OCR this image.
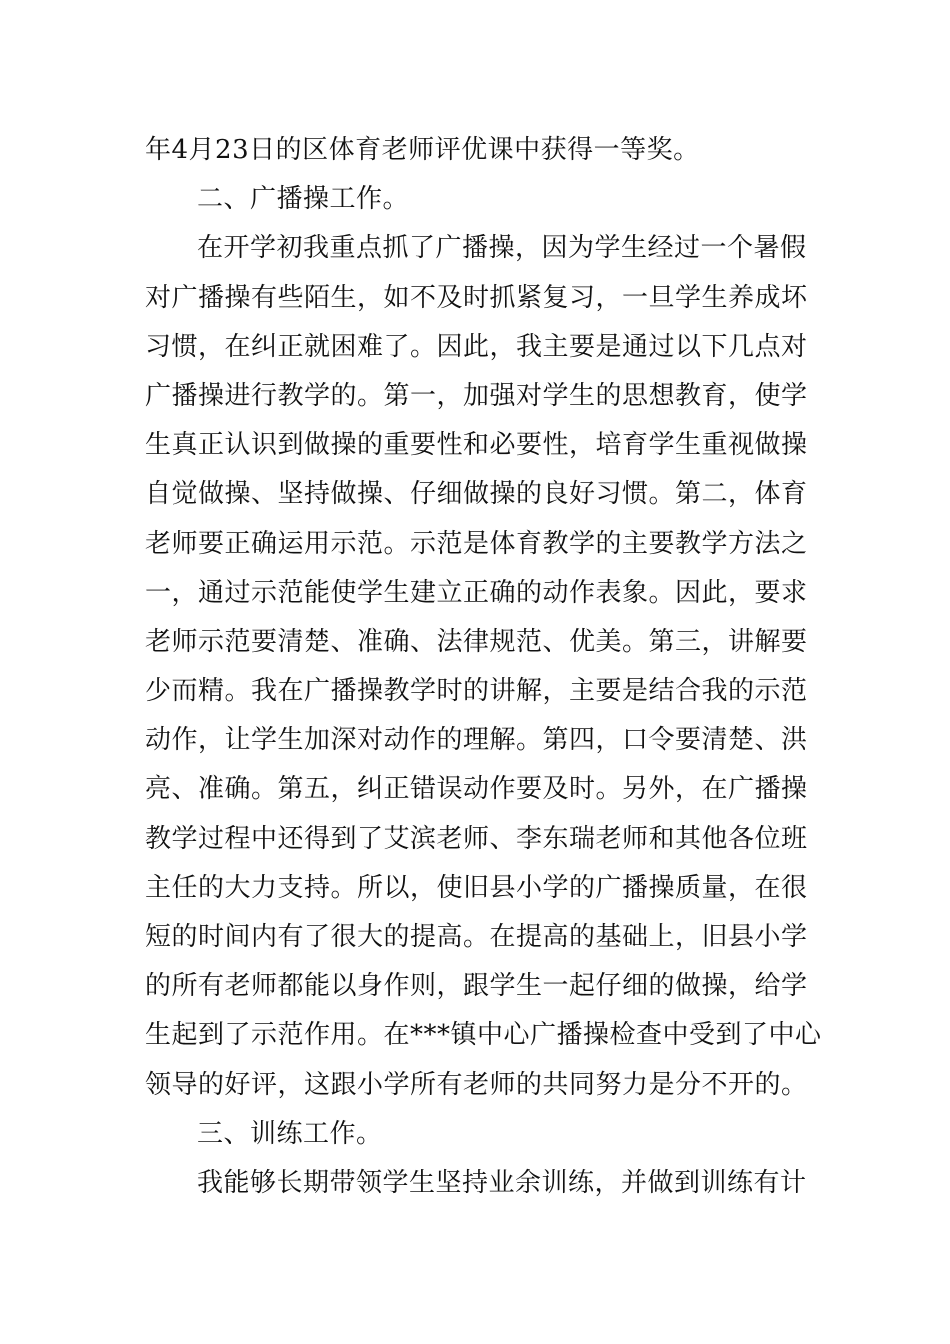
年4月23日的区体育老师评优课中获得一等奖。
二、广播操工作。
在开学初我重点抓了广播操，因为学生经过一个暑假
对广播操有些陌生，如不及时抓紧复习，一旦学生养成坏
习惯，在纠正就困难了。因此，我主要是通过以下几点对
广播操进行教学的。第一，加强对学生的思想教育，使学
生真正认识到做操的重要性和必要性，培育学生重视做操
自觉做操、坚持做操、仔细做操的良好习惯。第二，体育
老师要正确运用示范。示范是体育教学的主要教学方法之
一，通过示范能使学生建立正确的动作表象。因此，要求
老师示范要清楚、准确、法律规范、优美。第三，讲解要
少而精。我在广播操教学时的讲解，主要是结合我的示范
动作，让学生加深对动作的理解。第四，口令要清楚、洪
亮、准确。第五，纠正错误动作要及时。另外，在广播操
教学过程中还得到了艾滨老师、李东瑞老师和其他各位班
主任的大力支持。所以，使旧县小学的广播操质量，在很
短的时间内有了很大的提高。在提高的基础上，旧县小学
的所有老师都能以身作则，跟学生一起仔细的做操，给学
生起到了示范作用。在***镇中心广播操检查中受到了中心
领导的好评，这跟小学所有老师的共同努力是分不开的。
三、训练工作。
我能够长期带领学生坚持业余训练，并做到训练有计
